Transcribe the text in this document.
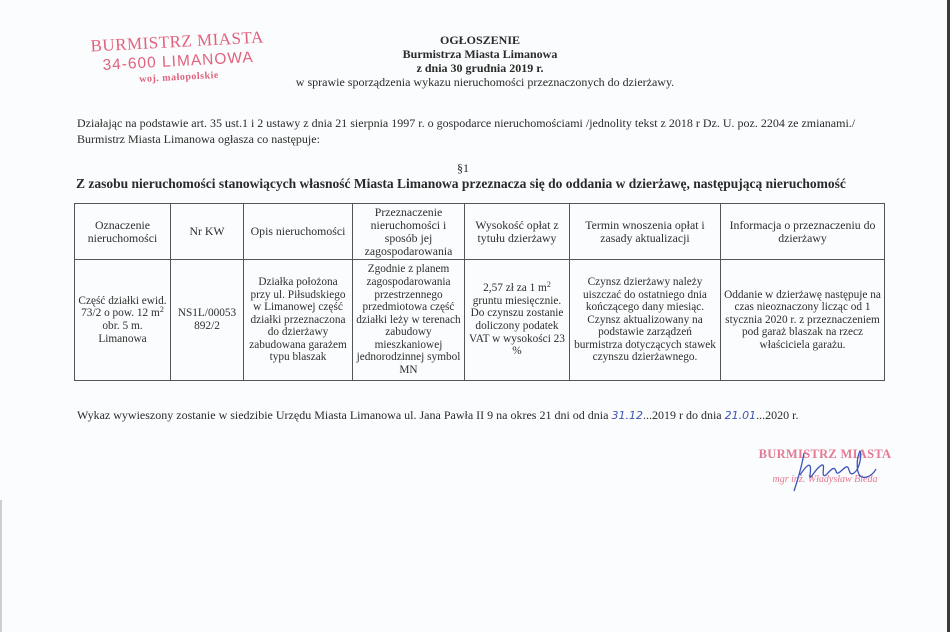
BURMISTRZ MIASTA
34-600 LIMANOWA
woj. małopolskie
OGŁOSZENIE
Burmistrza Miasta Limanowa
z dnia 30 grudnia 2019 r.
w sprawie sporządzenia wykazu nieruchomości przeznaczonych do dzierżawy.
Działając na podstawie art. 35 ust.1 i 2 ustawy z dnia 21 sierpnia 1997 r. o gospodarce nieruchomościami /jednolity tekst z 2018 r Dz. U. poz. 2204 ze zmianami./ Burmistrz Miasta Limanowa ogłasza co następuje:
§1
Z zasobu nieruchomości stanowiących własność Miasta Limanowa przeznacza się do oddania w dzierżawę, następującą nieruchomość
Oznaczenie nieruchomości	Nr KW	Opis nieruchomości	Przeznaczenie nieruchomości i sposób jej zagospodarowania	Wysokość opłat z tytułu dzierżawy	Termin wnoszenia opłat i zasady aktualizacji	Informacja o przeznaczeniu do dzierżawy
Część działki ewid. 73/2 o pow. 12 $m^2$ obr. 5 m. Limanowa	NS1L/00053 892/2	Działka położona przy ul. Piłsudskiego w Limanowej część działki przeznaczona do dzierżawy zabudowana garażem typu blaszak	Zgodnie z planem zagospodarowania przestrzennego przedmiotowa część działki leży w terenach zabudowy mieszkaniowej jednorodzinnej symbol MN	2,57 zł za 1 $m^2$ gruntu miesięcznie. Do czynszu zostanie doliczony podatek VAT w wysokości 23 %	Czynsz dzierżawy należy uiszczać do ostatniego dnia kończącego dany miesiąc. Czynsz aktualizowany na podstawie zarządzeń burmistrza dotyczących stawek czynszu dzierżawnego.	Oddanie w dzierżawę następuje na czas nieoznaczony licząc od 1 stycznia 2020 r. z przeznaczeniem pod garaż blaszak na rzecz właściciela garażu.
Wykaz wywieszony zostanie w siedzibie Urzędu Miasta Limanowa ul. Jana Pawła II 9 na okres 21 dni od dnia 31.12...2019 r do dnia 21.01...2020 r.
BURMISTRZ MIASTA
mgr inż. Władysław Bieda
